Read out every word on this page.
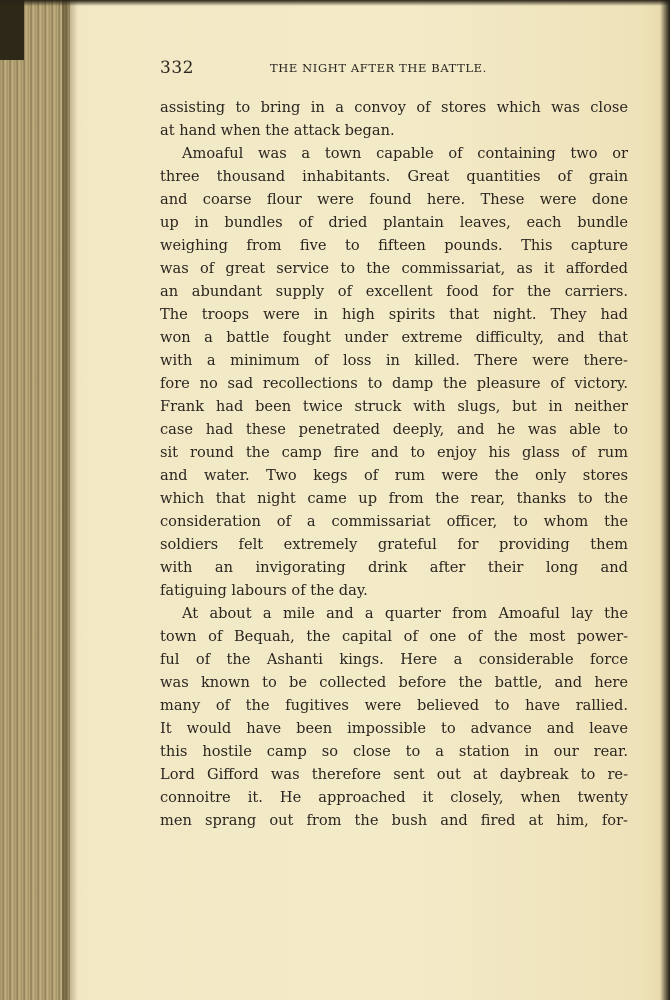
332	THE NIGHT AFTER THE BATTLE.
assisting to bring in a convoy of stores which was close
at hand when the attack began.
Amoaful was a town capable of containing two or
three thousand inhabitants. Great quantities of grain
and coarse flour were found here. These were done
up in bundles of dried plantain leaves, each bundle
weighing from five to fifteen pounds. This capture
was of great service to the commissariat, as it afforded
an abundant supply of excellent food for the carriers.
The troops were in high spirits that night. They had
won a battle fought under extreme difficulty, and that
with a minimum of loss in killed. There were there-
fore no sad recollections to damp the pleasure of victory.
Frank had been twice struck with slugs, but in neither
case had these penetrated deeply, and he was able to
sit round the camp fire and to enjoy his glass of rum
and water. Two kegs of rum were the only stores
which that night came up from the rear, thanks to the
consideration of a commissariat officer, to whom the
soldiers felt extremely grateful for providing them
with an invigorating drink after their long and
fatiguing labours of the day.
At about a mile and a quarter from Amoaful lay the
town of Bequah, the capital of one of the most power-
ful of the Ashanti kings. Here a considerable force
was known to be collected before the battle, and here
many of the fugitives were believed to have rallied.
It would have been impossible to advance and leave
this hostile camp so close to a station in our rear.
Lord Gifford was therefore sent out at daybreak to re-
connoitre it. He approached it closely, when twenty
men sprang out from the bush and fired at him, for-
